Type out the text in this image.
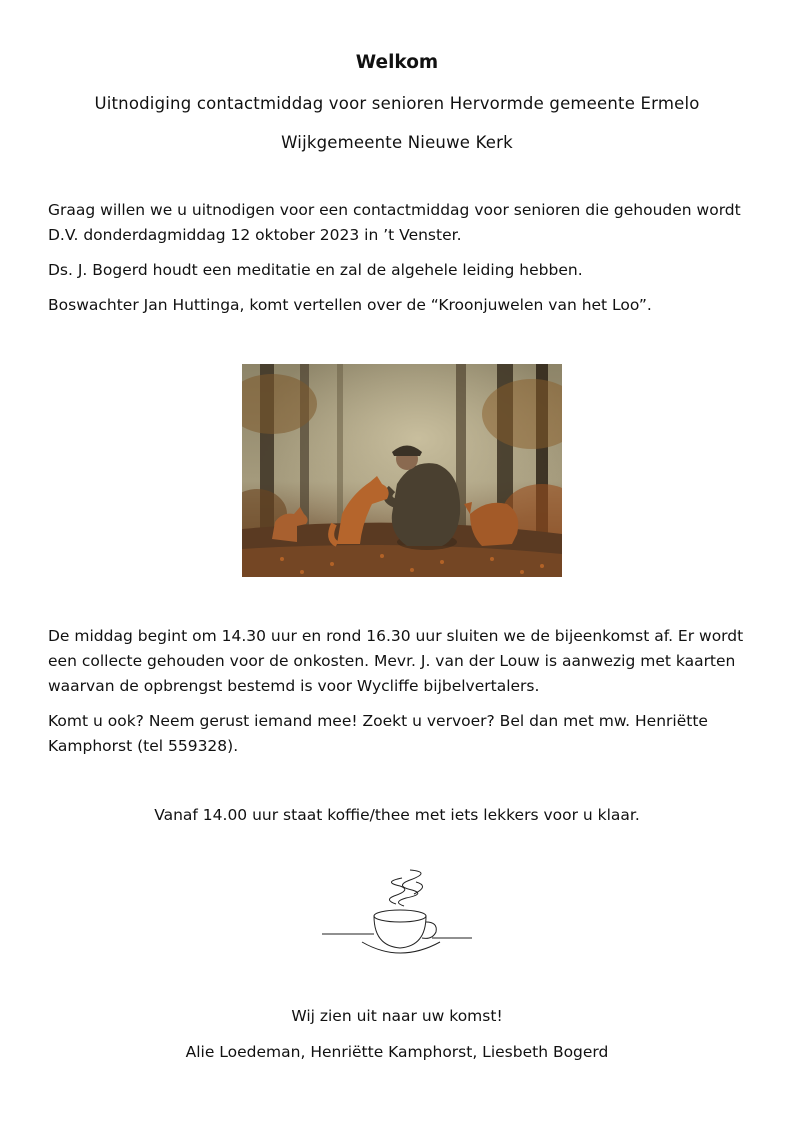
Welkom
Uitnodiging contactmiddag voor senioren Hervormde gemeente Ermelo
Wijkgemeente Nieuwe Kerk
Graag willen we u uitnodigen voor een contactmiddag voor senioren die gehouden wordt
D.V. donderdagmiddag 12 oktober 2023 in ’t Venster.
Ds. J. Bogerd houdt een meditatie en zal de algehele leiding hebben.
Boswachter Jan Huttinga, komt vertellen over de “Kroonjuwelen van het Loo”.
De middag begint om 14.30 uur en rond 16.30 uur sluiten we de bijeenkomst af. Er wordt
een collecte gehouden voor de onkosten. Mevr. J. van der Louw is aanwezig met kaarten
waarvan de opbrengst bestemd is voor Wycliffe bijbelvertalers.
Komt u ook? Neem gerust iemand mee! Zoekt u vervoer? Bel dan met mw. Henriëtte
Kamphorst (tel 559328).
Vanaf 14.00 uur staat koffie/thee met iets lekkers voor u klaar.
Wij zien uit naar uw komst!
Alie Loedeman, Henriëtte Kamphorst, Liesbeth Bogerd
